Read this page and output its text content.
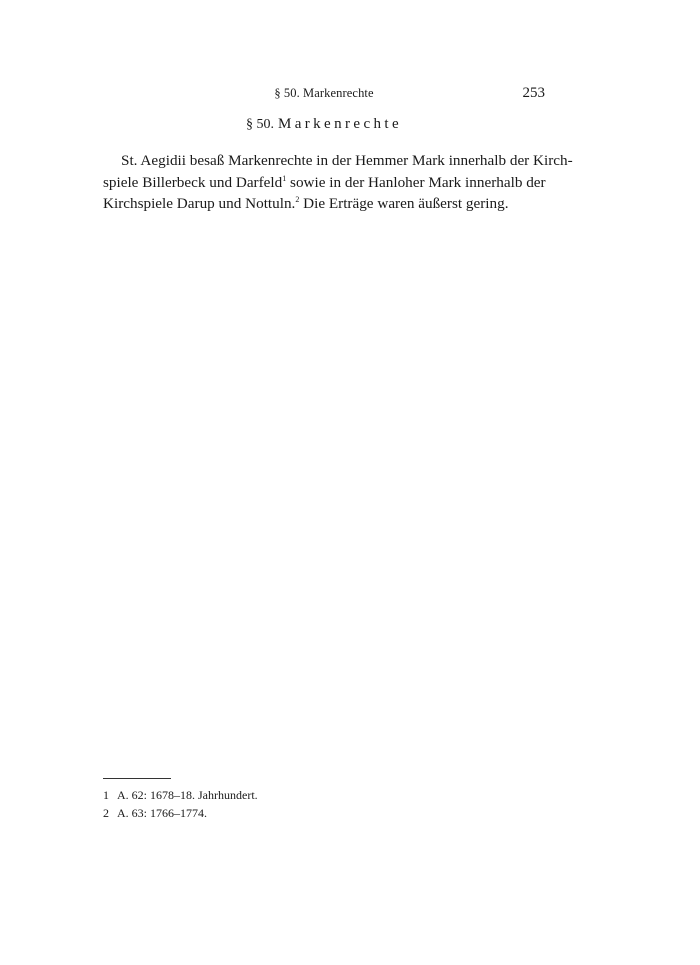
§ 50. Markenrechte	253
§ 50. Markenrechte
St. Aegidii besaß Markenrechte in der Hemmer Mark innerhalb der Kirch-
spiele Billerbeck und Darfeld$^1$ sowie in der Hanloher Mark innerhalb der
Kirchspiele Darup und Nottuln.$^2$ Die Erträge waren äußerst gering.
1 A. 62: 1678–18. Jahrhundert.
2 A. 63: 1766–1774.
